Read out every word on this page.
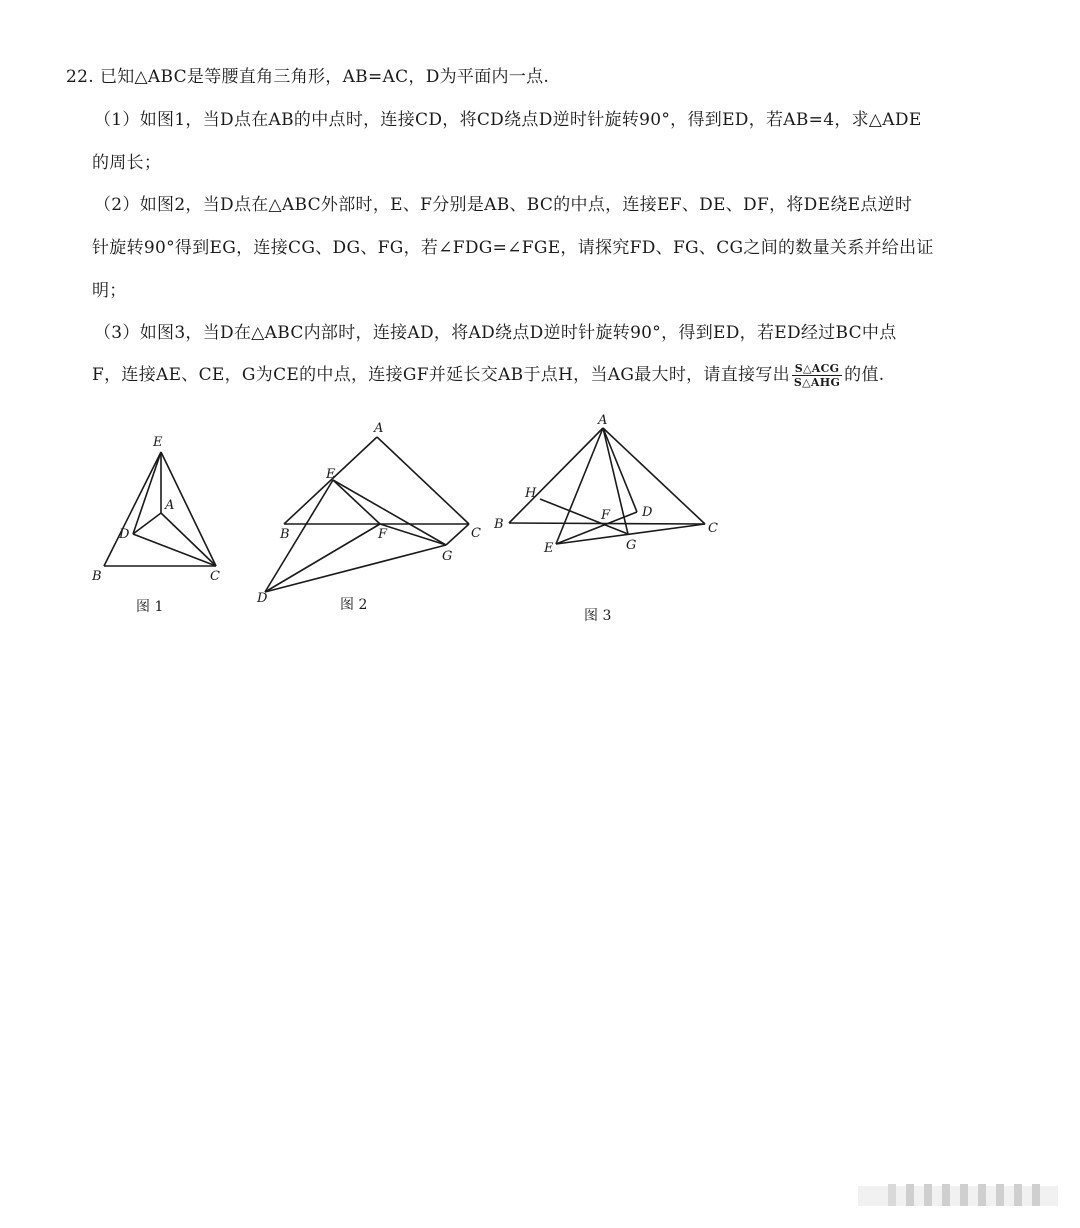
22. 已知△ABC是等腰直角三角形，AB=AC，D为平面内一点.
（1）如图1，当D点在AB的中点时，连接CD，将CD绕点D逆时针旋转90°，得到ED，若AB=4，求△ADE
的周长；
（2）如图2，当D点在△ABC外部时，E、F分别是AB、BC的中点，连接EF、DE、DF，将DE绕E点逆时
针旋转90°得到EG，连接CG、DG、FG，若∠FDG=∠FGE，请探究FD、FG、CG之间的数量关系并给出证
明；
（3）如图3，当D在△ABC内部时，连接AD，将AD绕点D逆时针旋转90°，得到ED，若ED经过BC中点
F，连接AE、CE，G为CE的中点，连接GF并延长交AB于点H，当AG最大时，请直接写出 $\frac{\text{S△ACG}}{\text{S△AHG}}$ 的值.
E
A
D
B	C
图 1
A
E
B	F	C
G
D	图 2
A
H
B
F D
C
E	G
图 3
